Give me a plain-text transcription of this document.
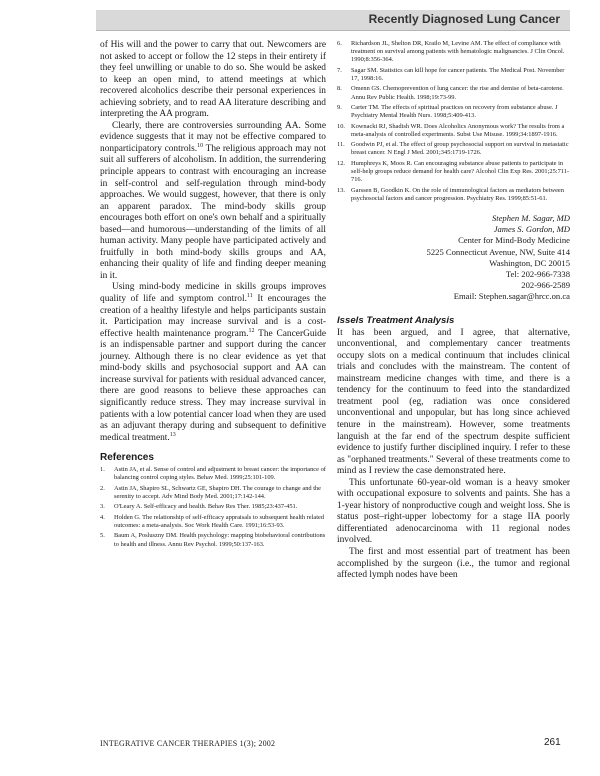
Recently Diagnosed Lung Cancer

of His will and the power to carry that out. Newcomers are not asked to accept or follow the 12 steps in their entirety if they feel unwilling or unable to do so. She would be asked to keep an open mind, to attend meetings at which recovered alcoholics describe their personal experiences in achieving sobriety, and to read AA literature describing and interpreting the AA program.

Clearly, there are controversies surrounding AA. Some evidence suggests that it may not be effective compared to nonparticipatory controls.$^{10}$ The religious approach may not suit all sufferers of alcoholism. In addition, the surrendering principle appears to contrast with encouraging an increase in self-control and self-regulation through mind-body approaches. We would suggest, however, that there is only an apparent paradox. The mind-body skills group encourages both effort on one's own behalf and a spiritually based—and humorous—understanding of the limits of all human activity. Many people have participated actively and fruitfully in both mind-body skills groups and AA, enhancing their quality of life and finding deeper meaning in it.

Using mind-body medicine in skills groups improves quality of life and symptom control.$^{11}$ It encourages the creation of a healthy lifestyle and helps participants sustain it. Participation may increase survival and is a cost-effective health maintenance program.$^{12}$ The CancerGuide is an indispensable partner and support during the cancer journey. Although there is no clear evidence as yet that mind-body skills and psychosocial support and AA can increase survival for patients with residual advanced cancer, there are good reasons to believe these approaches can significantly reduce stress. They may increase survival in patients with a low potential cancer load when they are used as an adjuvant therapy during and subsequent to definitive medical treatment.$^{13}$

References
1. Astin JA, et al. Sense of control and adjustment to breast cancer: the importance of balancing control coping styles. Behav Med. 1999;25:101-109.
2. Astin JA, Shapiro SL, Schwartz GE, Shapiro DH. The courage to change and the serenity to accept. Adv Mind Body Med. 2001;17:142-144.
3. O'Leary A. Self-efficacy and health. Behav Res Ther. 1985;23:437-451.
4. Holden G. The relationship of self-efficacy appraisals to subsequent health related outcomes: a meta-analysis. Soc Work Health Care. 1991;16:53-93.
5. Baum A, Posluszny DM. Health psychology: mapping biobehavioral contributions to health and illness. Annu Rev Psychol. 1999;50:137-163.
6. Richardson JL, Shelton DR, Krailo M, Levine AM. The effect of compliance with treatment on survival among patients with hematologic malignancies. J Clin Oncol. 1990;8:356-364.
7. Sagar SM. Statistics can kill hope for cancer patients. The Medical Post. November 17, 1998:16.
8. Omenn GS. Chemoprevention of lung cancer: the rise and demise of beta-carotene. Annu Rev Public Health. 1998;19:73-99.
9. Carter TM. The effects of spiritual practices on recovery from substance abuse. J Psychiatry Mental Health Nurs. 1998;5:409-413.
10. Kownacki RJ, Shadish WR. Does Alcoholics Anonymous work? The results from a meta-analysis of controlled experiments. Subst Use Misuse. 1999;34:1897-1916.
11. Goodwin PJ, et al. The effect of group psychosocial support on survival in metastatic breast cancer. N Engl J Med. 2001;345:1719-1726.
12. Humphreys K, Moos R. Can encouraging substance abuse patients to participate in self-help groups reduce demand for health care? Alcohol Clin Exp Res. 2001;25:711-716.
13. Garssen B, Goodkin K. On the role of immunological factors as mediators between psychosocial factors and cancer progression. Psychiatry Res. 1999;85:51-61.
Stephen M. Sagar, MD
James S. Gordon, MD
Center for Mind-Body Medicine
5225 Connecticut Avenue, NW, Suite 414
Washington, DC 20015
Tel: 202-966-7338
202-966-2589
Email: Stephen.sagar@hrcc.on.ca
Issels Treatment Analysis

It has been argued, and I agree, that alternative, unconventional, and complementary cancer treatments occupy slots on a medical continuum that includes clinical trials and concludes with the mainstream. The content of mainstream medicine changes with time, and there is a tendency for the continuum to feed into the standardized treatment pool (eg, radiation was once considered unconventional and unpopular, but has long since achieved tenure in the mainstream). However, some treatments languish at the far end of the spectrum despite sufficient evidence to justify further disciplined inquiry. I refer to these as "orphaned treatments." Several of these treatments come to mind as I review the case demonstrated here.

This unfortunate 60-year-old woman is a heavy smoker with occupational exposure to solvents and paints. She has a 1-year history of nonproductive cough and weight loss. She is status post–right-upper lobectomy for a stage IIA poorly differentiated adenocarcinoma with 11 regional nodes involved.

The first and most essential part of treatment has been accomplished by the surgeon (i.e., the tumor and regional affected lymph nodes have been

INTEGRATIVE CANCER THERAPIES 1(3); 2002	261
